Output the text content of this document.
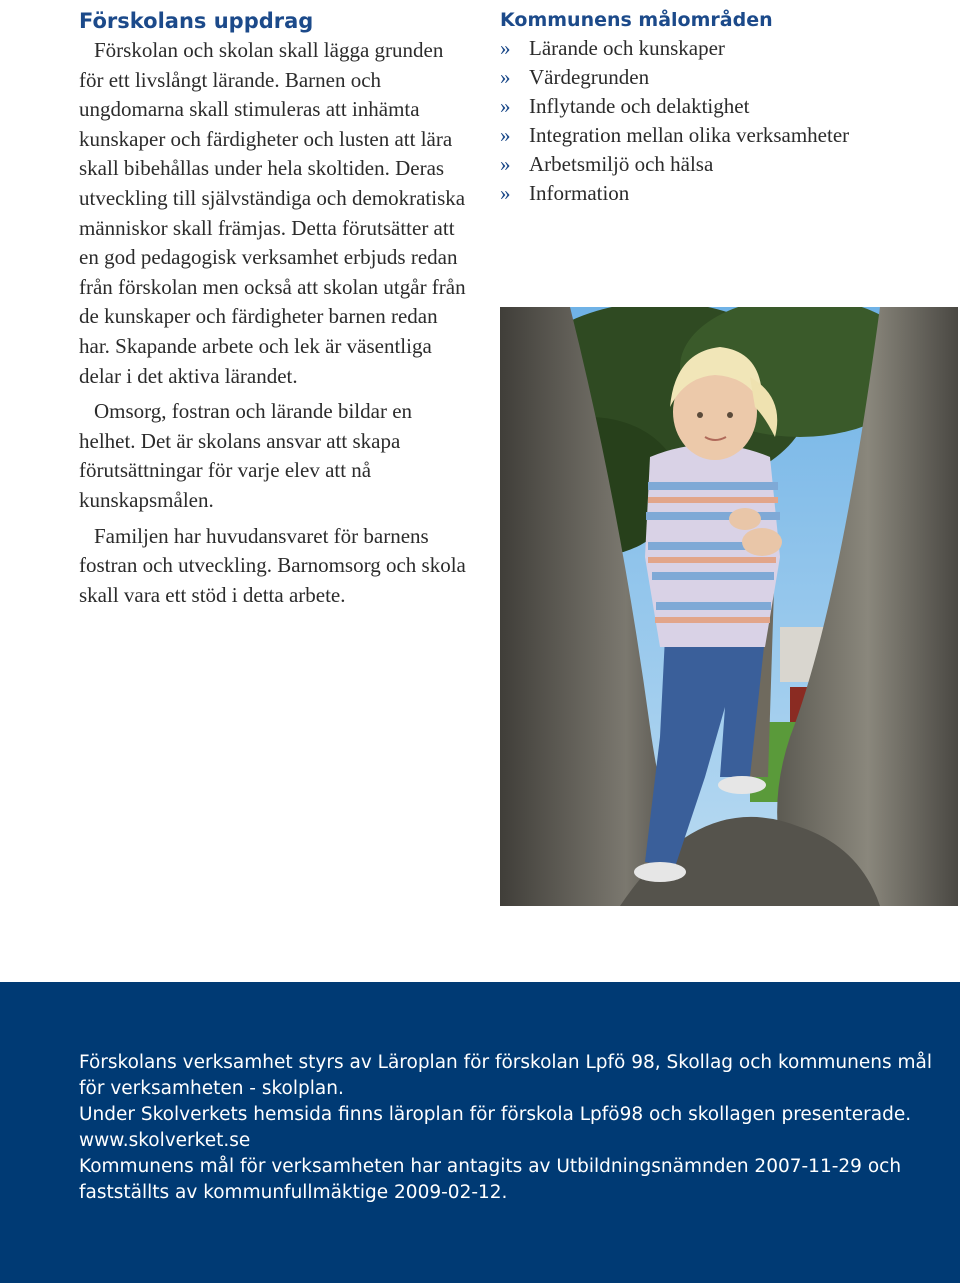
Förskolans uppdrag

Förskolan och skolan skall lägga grunden för ett livslångt lärande. Barnen och ungdomarna skall stimuleras att inhämta kunskaper och färdigheter och lusten att lära skall bibehållas under hela skoltiden. Deras utveckling till självständiga och demokratiska människor skall främjas. Detta förutsätter att en god pedagogisk verksamhet erbjuds redan från förskolan men också att skolan utgår från de kunskaper och färdigheter barnen redan har. Skapande arbete och lek är väsentliga delar i det aktiva lärandet.

Omsorg, fostran och lärande bildar en helhet. Det är skolans ansvar att skapa förutsättningar för varje elev att nå kunskapsmålen.

Familjen har huvudansvaret för barnens fostran och utveckling. Barnomsorg och skola skall vara ett stöd i detta arbete.

Kommunens målområden
» Lärande och kunskaper
» Värdegrunden
» Inflytande och delaktighet
» Integration mellan olika verksamheter
» Arbetsmiljö och hälsa
» Information
Förskolans verksamhet styrs av Läroplan för förskolan Lpfö 98, Skollag och kommunens mål för verksamheten - skolplan.
Under Skolverkets hemsida finns läroplan för förskola Lpfö98 och skollagen presenterade. www.skolverket.se
Kommunens mål för verksamheten har antagits av Utbildningsnämnden 2007-11-29 och fastställts av kommunfullmäktige 2009-02-12.
